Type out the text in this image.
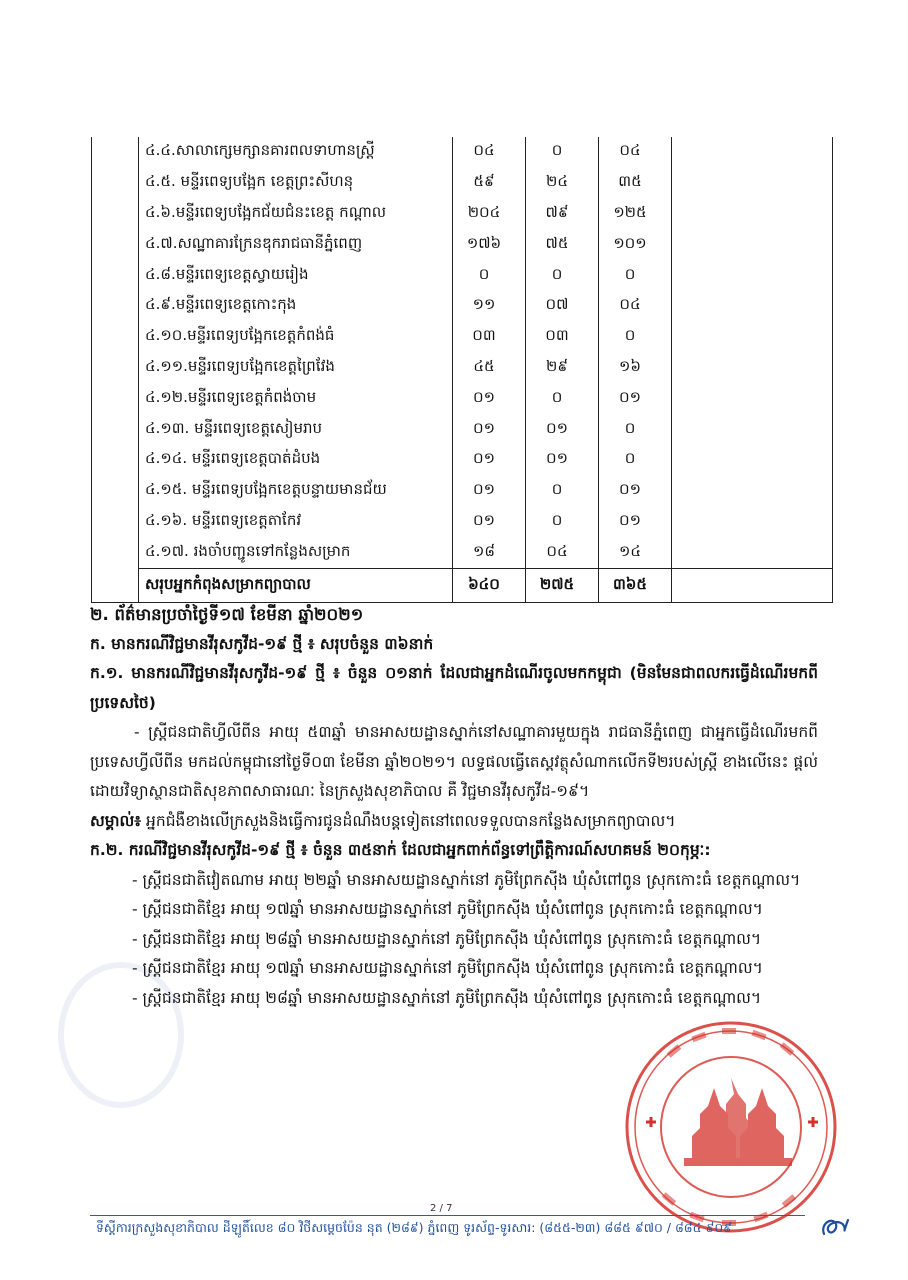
	៤.៤.សាលាក្សេមក្សានគារពលទាហានស្ត្រី	០៤	០	០៤	
	៤.៥. មន្ទីរពេទ្យបង្អែក ខេត្តព្រះសីហនុ	៥៩	២៤	៣៥	
	៤.៦.មន្ទីរពេទ្យបង្អែកជ័យជំនះខេត្ត កណ្តាល	២០៤	៧៩	១២៥	
	៤.៧.សណ្ឋាគារក្រែនឌុករាជធានីភ្នំពេញ	១៧៦	៧៥	១០១	
	៤.៨.មន្ទីរពេទ្យខេត្តស្វាយរៀង	០	០	០	
	៤.៩.មន្ទីរពេទ្យខេត្តកោះកុង	១១	០៧	០៤	
	៤.១០.មន្ទីរពេទ្យបង្អែកខេត្តកំពង់ធំ	០៣	០៣	០	
	៤.១១.មន្ទីរពេទ្យបង្អែកខេត្តព្រៃវែង	៤៥	២៩	១៦	
	៤.១២.មន្ទីរពេទ្យខេត្តកំពង់ចាម	០១	០	០១	
	៤.១៣. មន្ទីរពេទ្យខេត្តសៀមរាប	០១	០១	០	
	៤.១៤. មន្ទីរពេទ្យខេត្តបាត់ដំបង	០១	០១	០	
	៤.១៥. មន្ទីរពេទ្យបង្អែកខេត្តបន្ទាយមានជ័យ	០១	០	០១	
	៤.១៦. មន្ទីរពេទ្យខេត្តតាកែវ	០១	០	០១	
	៤.១៧. រងចាំបញ្ជូនទៅកន្លែងសម្រាក	១៨	០៤	១៤	
	សរុបអ្នកកំពុងសម្រាកព្យាបាល	៦៤០	២៧៥	៣៦៥	
២. ព័ត៌មានប្រចាំថ្ងៃទី១៧ ខែមីនា ឆ្នាំ២០២១
ក. មានករណីវិជ្ជមានវីរុសកូវីដ-១៩ ថ្មី ៖ សរុបចំនួន ៣៦នាក់
ក.១. មានករណីវិជ្ជមានវីរុសកូវីដ-១៩ ថ្មី ៖ ចំនួន ០១នាក់ ដែលជាអ្នកដំណើរចូលមកកម្ពុជា (មិនមែនជាពលករធ្វើដំណើរមកពីប្រទេសថៃ)
- ស្ត្រីជនជាតិហ្វីលីពីន អាយុ ៥៣ឆ្នាំ មានអាសយដ្ឋានស្នាក់នៅសណ្ឋាគារមួយក្នុង រាជធានីភ្នំពេញ ជាអ្នកធ្វើដំណើរមកពីប្រទេសហ្វីលីពីន មកដល់កម្ពុជានៅថ្ងៃទី០៣ ខែមីនា ឆ្នាំ២០២១។ លទ្ធផលធ្វើតេស្តវត្ថុសំណាកលើកទី២របស់ស្ត្រី ខាងលើនេះ ផ្តល់ដោយវិទ្យាស្ថានជាតិសុខភាពសាធារណៈ នៃក្រសួងសុខាភិបាល គឺ វិជ្ជមានវីរុសកូវីដ-១៩។
សម្គាល់៖ អ្នកជំងឺខាងលើក្រសួងនិងធ្វើការជូនដំណឹងបន្តទៀតនៅពេលទទួលបានកន្លែងសម្រាកព្យាបាល។
ក.២. ករណីវិជ្ជមានវីរុសកូវីដ-១៩ ថ្មី ៖ ចំនួន ៣៥នាក់ ដែលជាអ្នកពាក់ព័ន្ធទៅព្រឹត្តិការណ៍សហគមន៍ ២០កុម្ភៈ:
- ស្ត្រីជនជាតិវៀតណាម អាយុ ២២ឆ្នាំ មានអាសយដ្ឋានស្នាក់នៅ ភូមិព្រែកស៊ីង ឃុំសំពៅពូន ស្រុកកោះធំ ខេត្តកណ្តាល។
- ស្ត្រីជនជាតិខ្មែរ អាយុ ១៧ឆ្នាំ មានអាសយដ្ឋានស្នាក់នៅ ភូមិព្រែកស៊ីង ឃុំសំពៅពូន ស្រុកកោះធំ ខេត្តកណ្តាល។
- ស្ត្រីជនជាតិខ្មែរ អាយុ ២៨ឆ្នាំ មានអាសយដ្ឋានស្នាក់នៅ ភូមិព្រែកស៊ីង ឃុំសំពៅពូន ស្រុកកោះធំ ខេត្តកណ្តាល។
- ស្ត្រីជនជាតិខ្មែរ អាយុ ១៧ឆ្នាំ មានអាសយដ្ឋានស្នាក់នៅ ភូមិព្រែកស៊ីង ឃុំសំពៅពូន ស្រុកកោះធំ ខេត្តកណ្តាល។
- ស្ត្រីជនជាតិខ្មែរ អាយុ ២៨ឆ្នាំ មានអាសយដ្ឋានស្នាក់នៅ ភូមិព្រែកស៊ីង ឃុំសំពៅពូន ស្រុកកោះធំ ខេត្តកណ្តាល។
2 / 7
ទីស្តីការក្រសួងសុខាភិបាល ដីឡូតិ៍លេខ ៨០ វិថីសម្តេចប៉ែន នុត (២៨៩) ភ្នំពេញ ទូរស័ព្ទ-ទូរសារ: (៨៥៥-២៣) ៨៨៥ ៩៧០ / ៨៨៤ ៩០៩
